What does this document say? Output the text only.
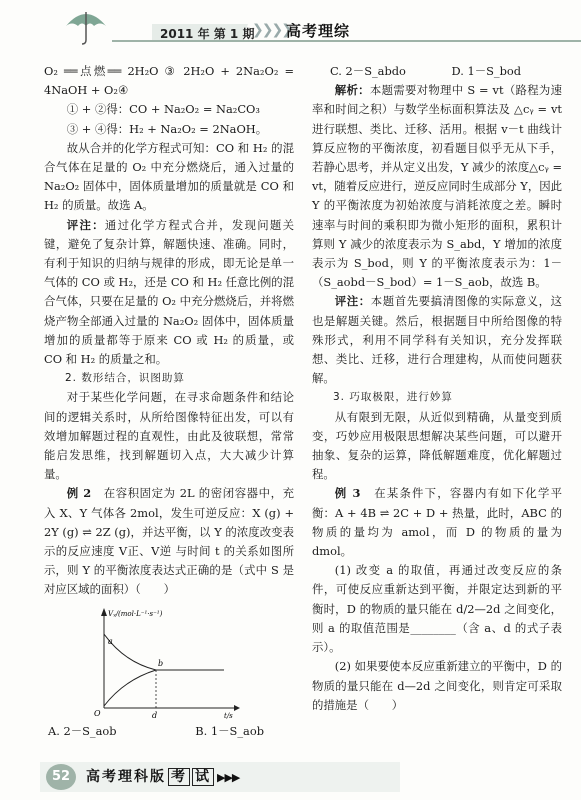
2011 年 第 1 期
❯❯❯❯
高考理综

O₂ ══点燃══ 2H₂O ③ 2H₂O + 2Na₂O₂ = 4NaOH + O₂④

① + ②得：CO + Na₂O₂ = Na₂CO₃

③ + ④得：H₂ + Na₂O₂ = 2NaOH。

故从合并的化学方程式可知：CO 和 H₂ 的混合气体在足量的 O₂ 中充分燃烧后，通入过量的 Na₂O₂ 固体中，固体质量增加的质量就是 CO 和 H₂ 的质量。故选 A。

评注：通过化学方程式合并，发现问题关键，避免了复杂计算，解题快速、准确。同时，有利于知识的归纳与规律的形成，即无论是单一气体的 CO 或 H₂，还是 CO 和 H₂ 任意比例的混合气体，只要在足量的 O₂ 中充分燃烧后，并将燃烧产物全部通入过量的 Na₂O₂ 固体中，固体质量增加的质量都等于原来 CO 或 H₂ 的质量，或 CO 和 H₂ 的质量之和。

2. 数形结合，识图助算

对于某些化学问题，在寻求命题条件和结论间的逻辑关系时，从所给图像特征出发，可以有效增加解题过程的直观性，由此及彼联想，常常能启发思维，找到解题切入点，大大减少计算量。

例 2　 在容积固定为 2L 的密闭容器中，充入 X、Y 气体各 2mol，发生可逆反应：X (g) + 2Y (g) ⇌ 2Z (g)，并达平衡，以 Y 的浓度改变表示的反应速度 V正、V逆 与时间 t 的关系如图所示，则 Y 的平衡浓度表达式正确的是（式中 S 是对应区域的面积）（　　）

Vᵧ/(mol·L⁻¹·s⁻¹)
t/s
O
a
b
d
A. 2－S_aob	B. 1－S_aob

C. 2－S_abdo　　　　D. 1－S_bod

解析：本题需要对物理中 S = vt（路程为速率和时间之积）与数学坐标面积算法及 △cᵧ = vt 进行联想、类比、迁移、活用。根据 v－t 曲线计算反应物的平衡浓度，初看题目似乎无从下手，若静心思考，并从定义出发，Y 减少的浓度△cᵧ = vt，随着反应进行，逆反应同时生成部分 Y，因此 Y 的平衡浓度为初始浓度与消耗浓度之差。瞬时速率与时间的乘积即为微小矩形的面积，累积计算则 Y 减少的浓度表示为 S_abd，Y 增加的浓度表示为 S_bod，则 Y 的平衡浓度表示为：1－（S_aobd－S_bod）= 1－S_aob，故选 B。

评注：本题首先要搞清图像的实际意义，这也是解题关键。然后，根据题目中所给图像的特殊形式，利用不同学科有关知识，充分发挥联想、类比、迁移，进行合理建构，从而使问题获解。

3. 巧取极限，进行妙算

从有限到无限，从近似到精确，从量变到质变，巧妙应用极限思想解决某些问题，可以避开抽象、复杂的运算，降低解题难度，优化解题过程。

例 3　 在某条件下，容器内有如下化学平衡：A + 4B ⇌ 2C + D + 热量，此时，ABC 的物质的量均为 amol，而 D 的物质的量为 dmol。

(1) 改变 a 的取值，再通过改变反应的条件，可使反应重新达到平衡，并限定达到新的平衡时，D 的物质的量只能在 d/2—2d 之间变化，则 a 的取值范围是________（含 a、d 的式子表示）。

(2) 如果要使本反应重新建立的平衡中，D 的物质的量只能在 d—2d 之间变化，则肯定可采取的措施是（　　）

52	高考理科版 考 试 ▶▶▶
